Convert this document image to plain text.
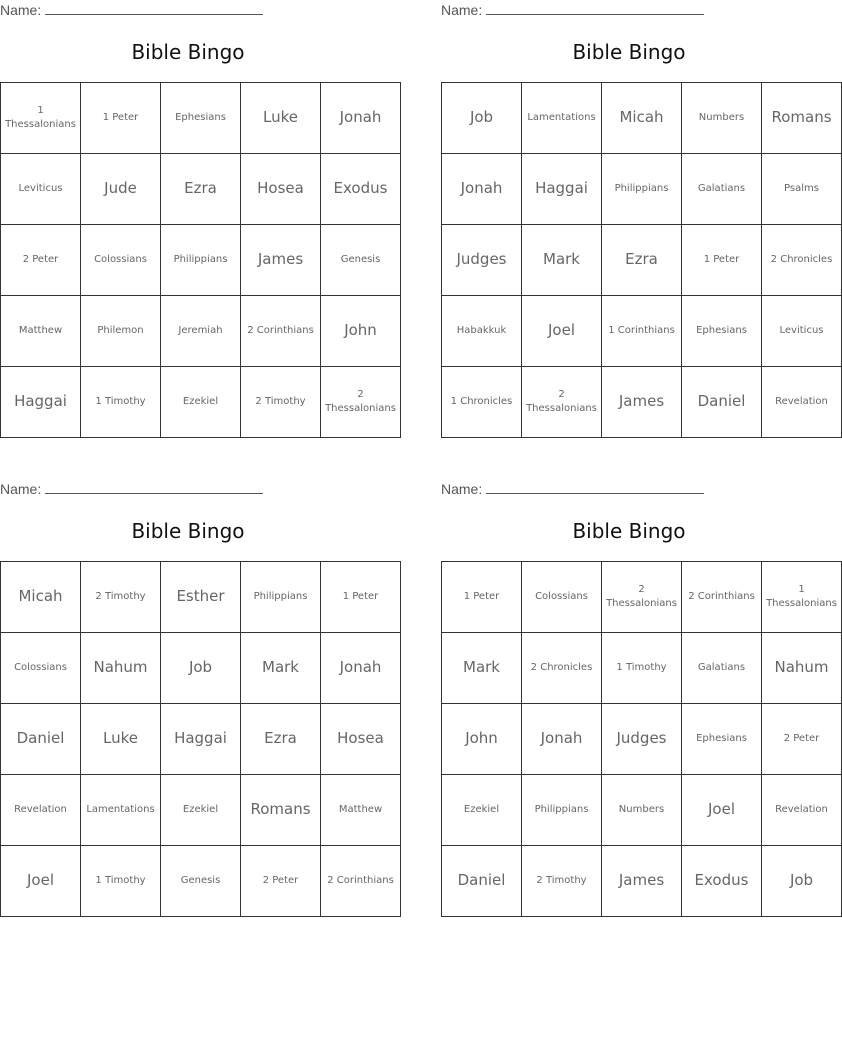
Name:
Bible Bingo
1 Thessalonians	1 Peter	Ephesians	Luke	Jonah
Leviticus	Jude	Ezra	Hosea	Exodus
2 Peter	Colossians	Philippians	James	Genesis
Matthew	Philemon	Jeremiah	2 Corinthians	John
Haggai	1 Timothy	Ezekiel	2 Timothy	2 Thessalonians
Name:
Bible Bingo
Job	Lamentations	Micah	Numbers	Romans
Jonah	Haggai	Philippians	Galatians	Psalms
Judges	Mark	Ezra	1 Peter	2 Chronicles
Habakkuk	Joel	1 Corinthians	Ephesians	Leviticus
1 Chronicles	2 Thessalonians	James	Daniel	Revelation
Name:
Bible Bingo
Micah	2 Timothy	Esther	Philippians	1 Peter
Colossians	Nahum	Job	Mark	Jonah
Daniel	Luke	Haggai	Ezra	Hosea
Revelation	Lamentations	Ezekiel	Romans	Matthew
Joel	1 Timothy	Genesis	2 Peter	2 Corinthians
Name:
Bible Bingo
1 Peter	Colossians	2 Thessalonians	2 Corinthians	1 Thessalonians
Mark	2 Chronicles	1 Timothy	Galatians	Nahum
John	Jonah	Judges	Ephesians	2 Peter
Ezekiel	Philippians	Numbers	Joel	Revelation
Daniel	2 Timothy	James	Exodus	Job
